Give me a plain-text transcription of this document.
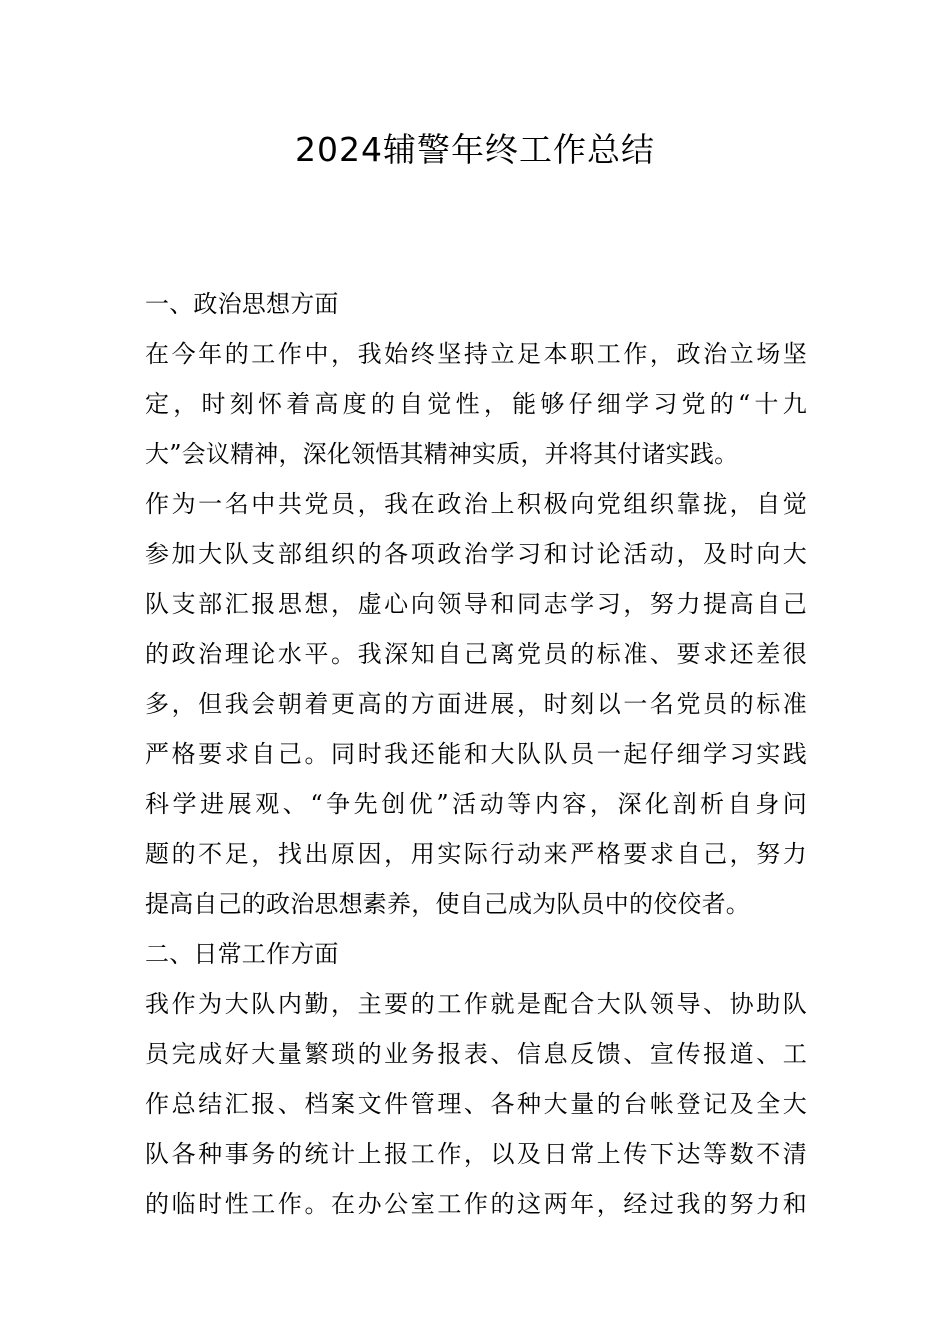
2024辅警年终工作总结
一、政治思想方面
在今年的工作中，我始终坚持立足本职工作，政治立场坚
定，时刻怀着高度的自觉性，能够仔细学习党的“十九
大”会议精神，深化领悟其精神实质，并将其付诸实践。
作为一名中共党员，我在政治上积极向党组织靠拢，自觉
参加大队支部组织的各项政治学习和讨论活动，及时向大
队支部汇报思想，虚心向领导和同志学习，努力提高自己
的政治理论水平。我深知自己离党员的标准、要求还差很
多，但我会朝着更高的方面进展，时刻以一名党员的标准
严格要求自己。同时我还能和大队队员一起仔细学习实践
科学进展观、“争先创优”活动等内容，深化剖析自身问
题的不足，找出原因，用实际行动来严格要求自己，努力
提高自己的政治思想素养，使自己成为队员中的佼佼者。
二、日常工作方面
我作为大队内勤，主要的工作就是配合大队领导、协助队
员完成好大量繁琐的业务报表、信息反馈、宣传报道、工
作总结汇报、档案文件管理、各种大量的台帐登记及全大
队各种事务的统计上报工作，以及日常上传下达等数不清
的临时性工作。在办公室工作的这两年，经过我的努力和
